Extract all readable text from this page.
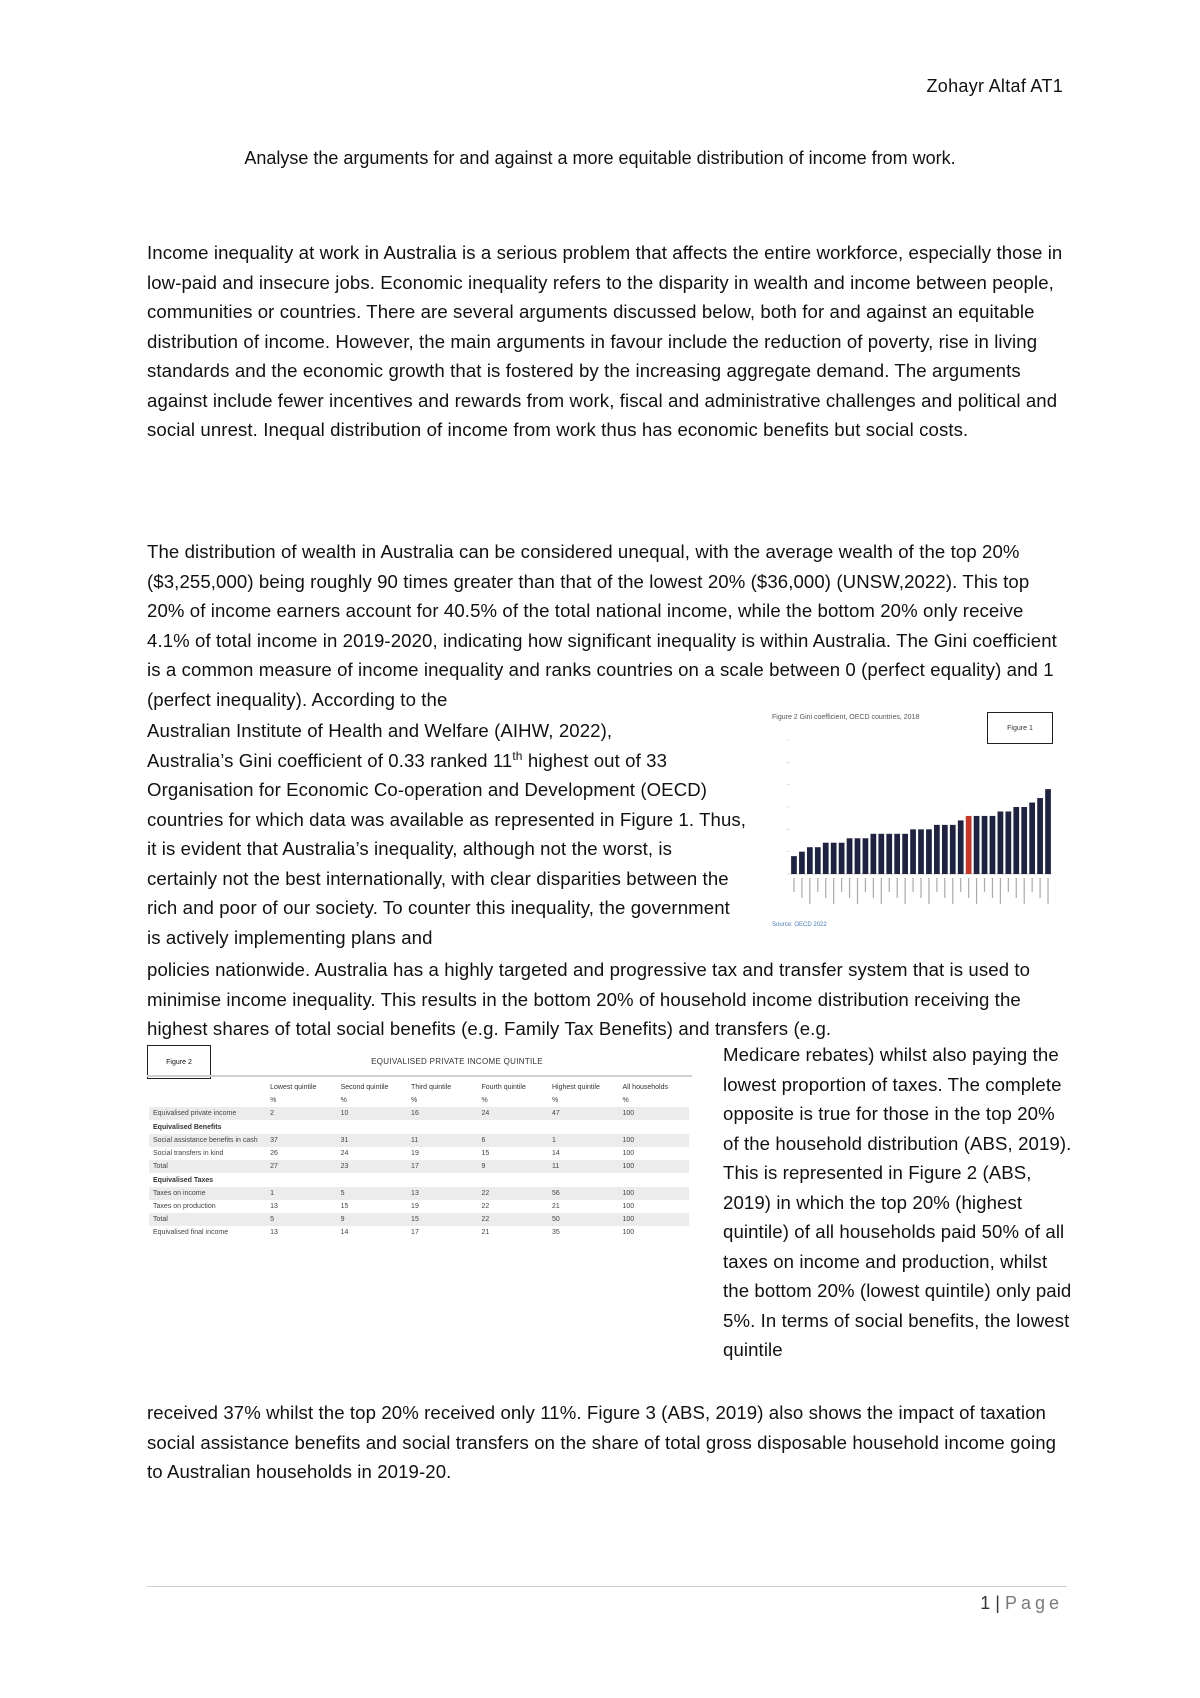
Zohayr Altaf AT1
Analyse the arguments for and against a more equitable distribution of income from work.

Income inequality at work in Australia is a serious problem that affects the entire workforce, especially those in low-paid and insecure jobs. Economic inequality refers to the disparity in wealth and income between people, communities or countries. There are several arguments discussed below, both for and against an equitable distribution of income. However, the main arguments in favour include the reduction of poverty, rise in living standards and the economic growth that is fostered by the increasing aggregate demand. The arguments against include fewer incentives and rewards from work, fiscal and administrative challenges and political and social unrest. Inequal distribution of income from work thus has economic benefits but social costs.

The distribution of wealth in Australia can be considered unequal, with the average wealth of the top 20% ($3,255,000) being roughly 90 times greater than that of the lowest 20% ($36,000) (UNSW,2022). This top 20% of income earners account for 40.5% of the total national income, while the bottom 20% only receive 4.1% of total income in 2019-2020, indicating how significant inequality is within Australia. The Gini coefficient is a common measure of income inequality and ranks countries on a scale between 0 (perfect equality) and 1 (perfect inequality). According to the

Australian Institute of Health and Welfare (AIHW, 2022),

Australia’s Gini coefficient of 0.33 ranked 11th highest out of 33

Organisation for Economic Co-operation and Development (OECD) countries for which data was available as represented in Figure 1. Thus, it is evident that Australia’s inequality, although not the worst, is certainly not the best internationally, with clear disparities between the rich and poor of our society. To counter this inequality, the government is actively implementing plans and

Figure 2 Gini coefficient, OECD countries, 2018
Figure 1
Source: OECD 2022

policies nationwide. Australia has a highly targeted and progressive tax and transfer system that is used to minimise income inequality. This results in the bottom 20% of household income distribution receiving the highest shares of total social benefits (e.g. Family Tax Benefits) and transfers (e.g.

Figure 2	EQUIVALISED PRIVATE INCOME QUINTILE
	Lowest quintile	Second quintile	Third quintile	Fourth quintile	Highest quintile	All households
	%	%	%	%	%	%
Equivalised private income	2	10	16	24	47	100
Equivalised Benefits						
Social assistance benefits in cash	37	31	11	6	1	100
Social transfers in kind	26	24	19	15	14	100
Total	27	23	17	9	11	100
Equivalised Taxes						
Taxes on income	1	5	13	22	56	100
Taxes on production	13	15	19	22	21	100
Total	5	9	15	22	50	100
Equivalised final income	13	14	17	21	35	100

Medicare rebates) whilst also paying the lowest proportion of taxes. The complete opposite is true for those in the top 20% of the household distribution (ABS, 2019). This is represented in Figure 2 (ABS, 2019) in which the top 20% (highest quintile) of all households paid 50% of all taxes on income and production, whilst the bottom 20% (lowest quintile) only paid 5%. In terms of social benefits, the lowest quintile

received 37% whilst the top 20% received only 11%. Figure 3 (ABS, 2019) also shows the impact of taxation social assistance benefits and social transfers on the share of total gross disposable household income going to Australian households in 2019-20.

1 | Page
